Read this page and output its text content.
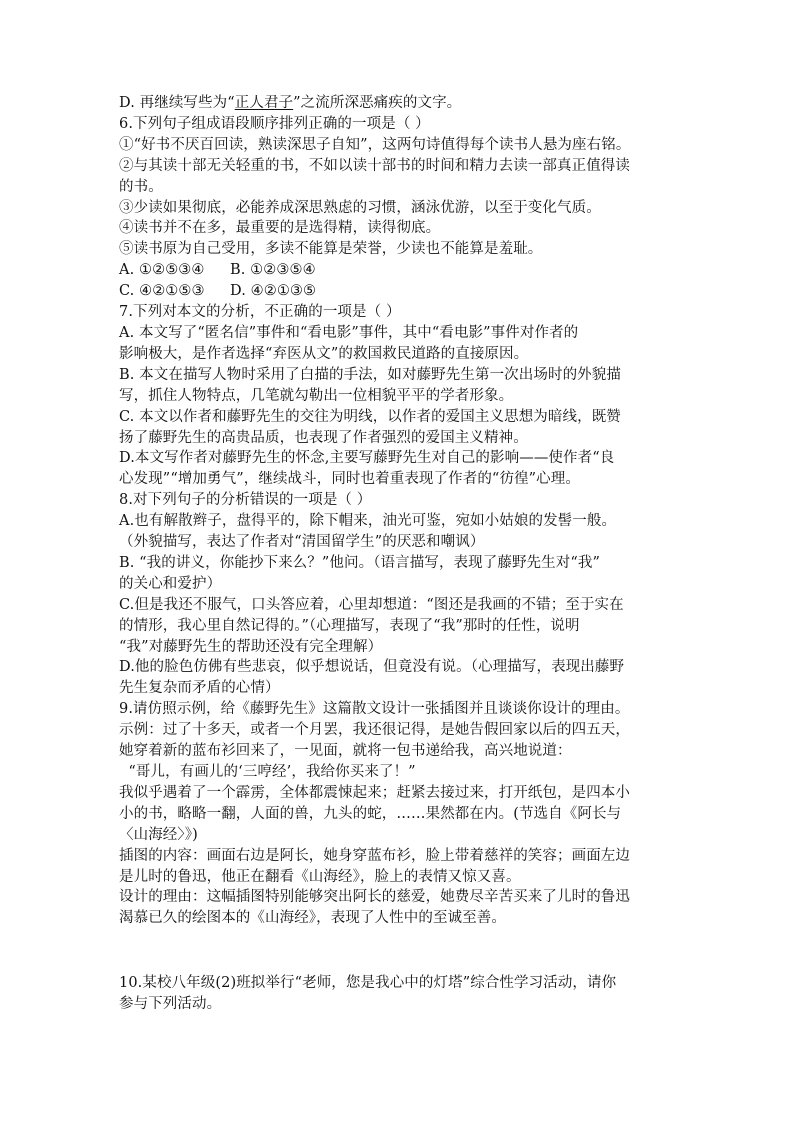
D. 再继续写些为“正人君子”之流所深恶痛疾的文字。
6.下列句子组成语段顺序排列正确的一项是（ ）
①“好书不厌百回读，熟读深思子自知”，这两句诗值得每个读书人悬为座右铭。
②与其读十部无关轻重的书，不如以读十部书的时间和精力去读一部真正值得读
的书。
③少读如果彻底，必能养成深思熟虑的习惯，涵泳优游，以至于变化气质。
④读书并不在多，最重要的是选得精，读得彻底。
⑤读书原为自己受用，多读不能算是荣誉，少读也不能算是羞耻。
A. ①②⑤③④	B. ①②③⑤④
C. ④②①⑤③	D. ④②①③⑤
7.下列对本文的分析，不正确的一项是（ ）
A. 本文写了“匿名信”事件和“看电影”事件，其中“看电影”事件对作者的
影响极大，是作者选择“弃医从文”的救国救民道路的直接原因。
B. 本文在描写人物时采用了白描的手法，如对藤野先生第一次出场时的外貌描
写，抓住人物特点，几笔就勾勒出一位相貌平平的学者形象。
C. 本文以作者和藤野先生的交往为明线，以作者的爱国主义思想为暗线，既赞
扬了藤野先生的高贵品质，也表现了作者强烈的爱国主义精神。
D.本文写作者对藤野先生的怀念,主要写藤野先生对自己的影响——使作者“良
心发现”“增加勇气”，继续战斗，同时也着重表现了作者的“彷徨”心理。
8.对下列句子的分析错误的一项是（ ）
A.也有解散辫子，盘得平的，除下帽来，油光可鉴，宛如小姑娘的发髻一般。
（外貌描写，表达了作者对“清国留学生”的厌恶和嘲讽）
B. “我的讲义，你能抄下来么？”他问。（语言描写，表现了藤野先生对“我”
的关心和爱护）
C.但是我还不服气，口头答应着，心里却想道：“图还是我画的不错；至于实在
的情形，我心里自然记得的。”（心理描写，表现了“我”那时的任性，说明
“我”对藤野先生的帮助还没有完全理解）
D.他的脸色仿佛有些悲哀，似乎想说话，但竟没有说。（心理描写，表现出藤野
先生复杂而矛盾的心情）
9.请仿照示例，给《藤野先生》这篇散文设计一张插图并且谈谈你设计的理由。
示例：过了十多天，或者一个月罢，我还很记得，是她告假回家以后的四五天，
她穿着新的蓝布衫回来了，一见面，就将一包书递给我，高兴地说道：
“哥儿，有画儿的‘三哼经’，我给你买来了！”
我似乎遇着了一个霹雳，全体都震悚起来；赶紧去接过来，打开纸包，是四本小
小的书，略略一翻，人面的兽，九头的蛇，……果然都在内。(节选自《阿长与
〈山海经〉》)
插图的内容：画面右边是阿长，她身穿蓝布衫，脸上带着慈祥的笑容；画面左边
是儿时的鲁迅，他正在翻看《山海经》，脸上的表情又惊又喜。
设计的理由：这幅插图特别能够突出阿长的慈爱，她费尽辛苦买来了儿时的鲁迅
渴慕已久的绘图本的《山海经》，表现了人性中的至诚至善。
10.某校八年级(2)班拟举行“老师，您是我心中的灯塔”综合性学习活动，请你
参与下列活动。
